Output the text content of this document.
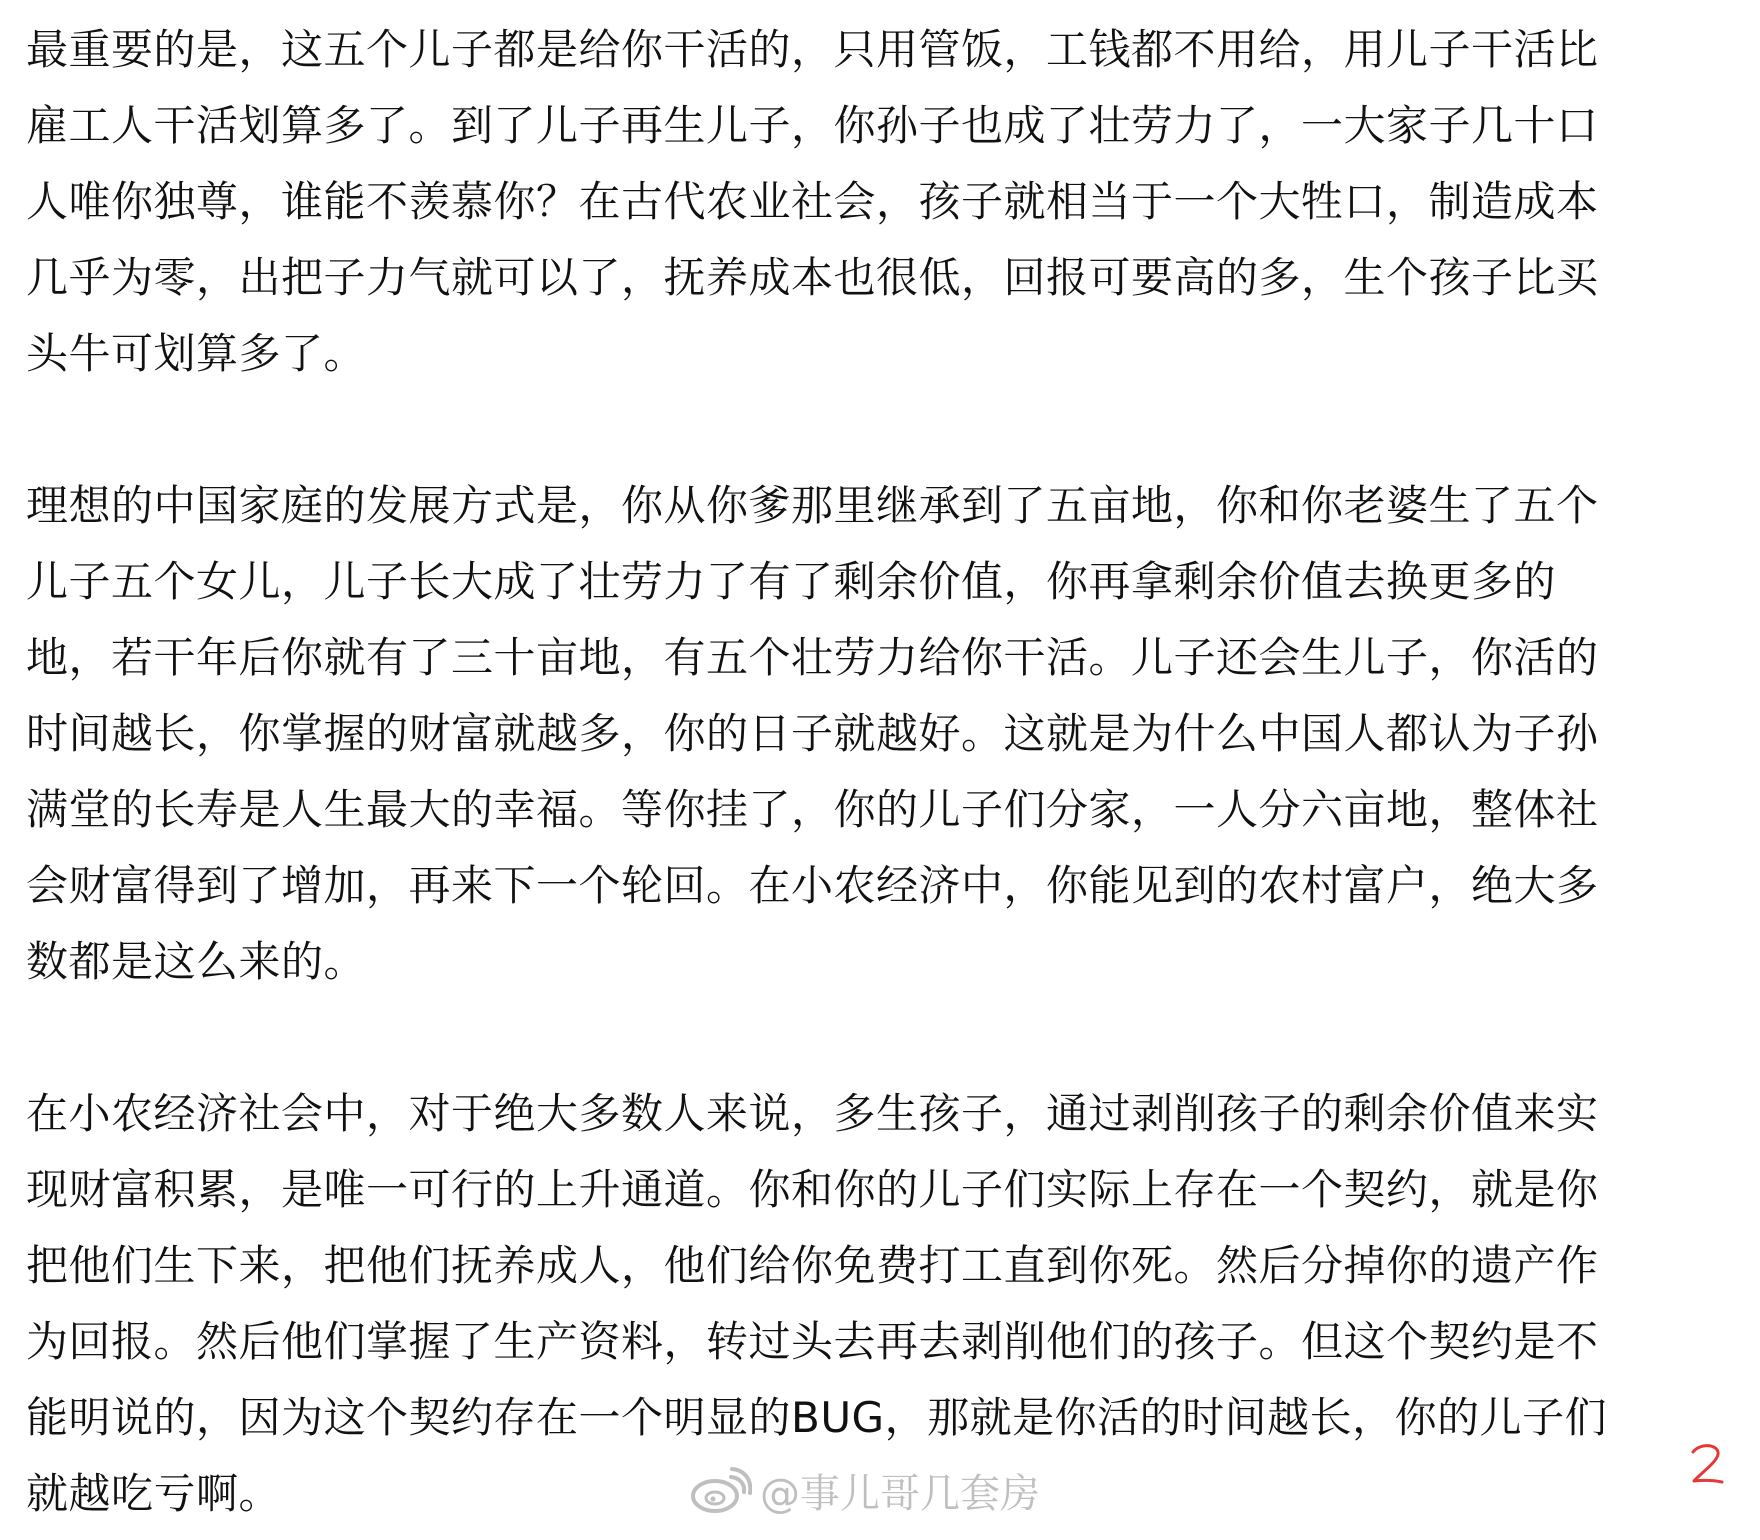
最重要的是，这五个儿子都是给你干活的，只用管饭，工钱都不用给，用儿子干活比
雇工人干活划算多了。到了儿子再生儿子，你孙子也成了壮劳力了，一大家子几十口
人唯你独尊，谁能不羡慕你？在古代农业社会，孩子就相当于一个大牲口，制造成本
几乎为零，出把子力气就可以了，抚养成本也很低，回报可要高的多，生个孩子比买
头牛可划算多了。

理想的中国家庭的发展方式是，你从你爹那里继承到了五亩地，你和你老婆生了五个
儿子五个女儿，儿子长大成了壮劳力了有了剩余价值，你再拿剩余价值去换更多的
地，若干年后你就有了三十亩地，有五个壮劳力给你干活。儿子还会生儿子，你活的
时间越长，你掌握的财富就越多，你的日子就越好。这就是为什么中国人都认为子孙
满堂的长寿是人生最大的幸福。等你挂了，你的儿子们分家，一人分六亩地，整体社
会财富得到了增加，再来下一个轮回。在小农经济中，你能见到的农村富户，绝大多
数都是这么来的。

在小农经济社会中，对于绝大多数人来说，多生孩子，通过剥削孩子的剩余价值来实
现财富积累，是唯一可行的上升通道。你和你的儿子们实际上存在一个契约，就是你
把他们生下来，把他们抚养成人，他们给你免费打工直到你死。然后分掉你的遗产作
为回报。然后他们掌握了生产资料，转过头去再去剥削他们的孩子。但这个契约是不
能明说的，因为这个契约存在一个明显的BUG，那就是你活的时间越长，你的儿子们
就越吃亏啊。	@事儿哥几套房
